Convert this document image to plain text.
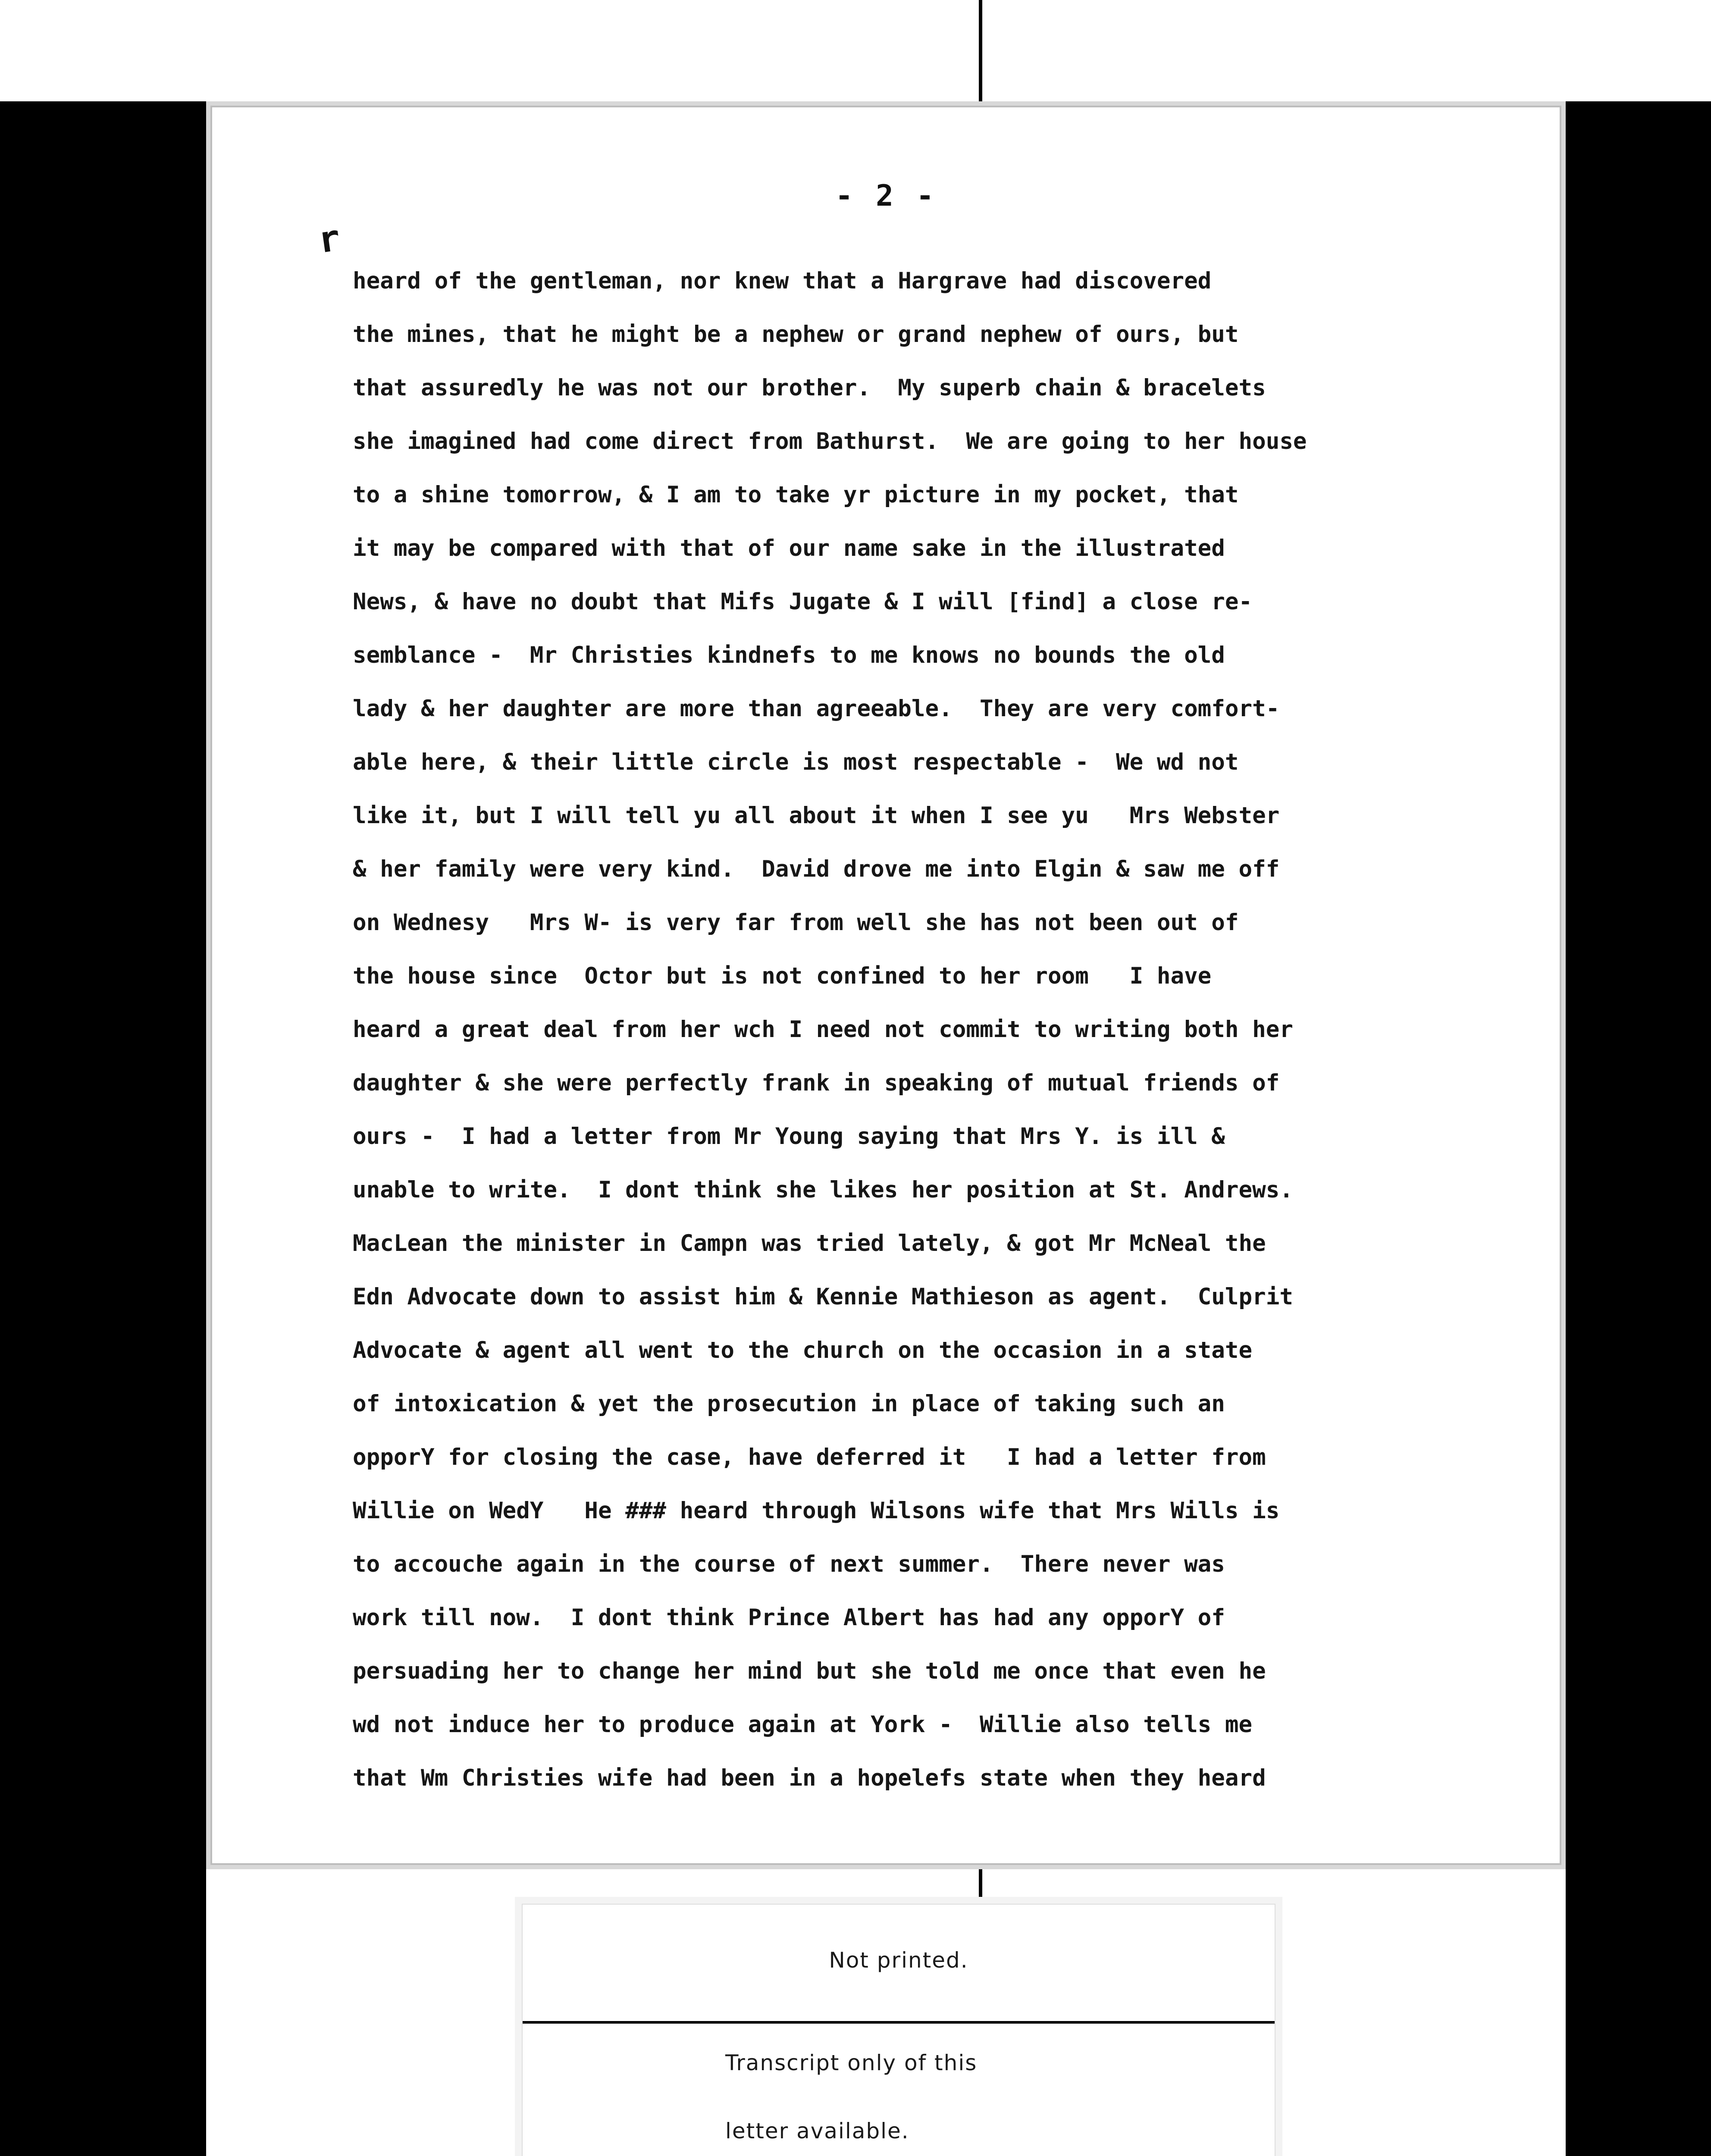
- 2 -
r
heard of the gentleman, nor knew that a Hargrave had discovered
the mines, that he might be a nephew or grand nephew of ours, but
that assuredly he was not our brother.  My superb chain & bracelets
she imagined had come direct from Bathurst.  We are going to her house
to a shine tomorrow, & I am to take yr picture in my pocket, that
it may be compared with that of our name sake in the illustrated
News, & have no doubt that Mifs Jugate & I will [find] a close re-
semblance -  Mr Christies kindnefs to me knows no bounds the old
lady & her daughter are more than agreeable.  They are very comfort-
able here, & their little circle is most respectable -  We wd not
like it, but I will tell yu all about it when I see yu   Mrs Webster
& her family were very kind.  David drove me into Elgin & saw me off
on Wednesy   Mrs W- is very far from well she has not been out of
the house since  Octor but is not confined to her room   I have
heard a great deal from her wch I need not commit to writing both her
daughter & she were perfectly frank in speaking of mutual friends of
ours -  I had a letter from Mr Young saying that Mrs Y. is ill &
unable to write.  I dont think she likes her position at St. Andrews.
MacLean the minister in Campn was tried lately, & got Mr McNeal the
Edn Advocate down to assist him & Kennie Mathieson as agent.  Culprit
Advocate & agent all went to the church on the occasion in a state
of intoxication & yet the prosecution in place of taking such an
opporY for closing the case, have deferred it   I had a letter from
Willie on WedY   He ### heard through Wilsons wife that Mrs Wills is
to accouche again in the course of next summer.  There never was
work till now.  I dont think Prince Albert has had any opporY of
persuading her to change her mind but she told me once that even he
wd not induce her to produce again at York -  Willie also tells me
that Wm Christies wife had been in a hopelefs state when they heard
Not printed.
Transcript only of this
letter available.
